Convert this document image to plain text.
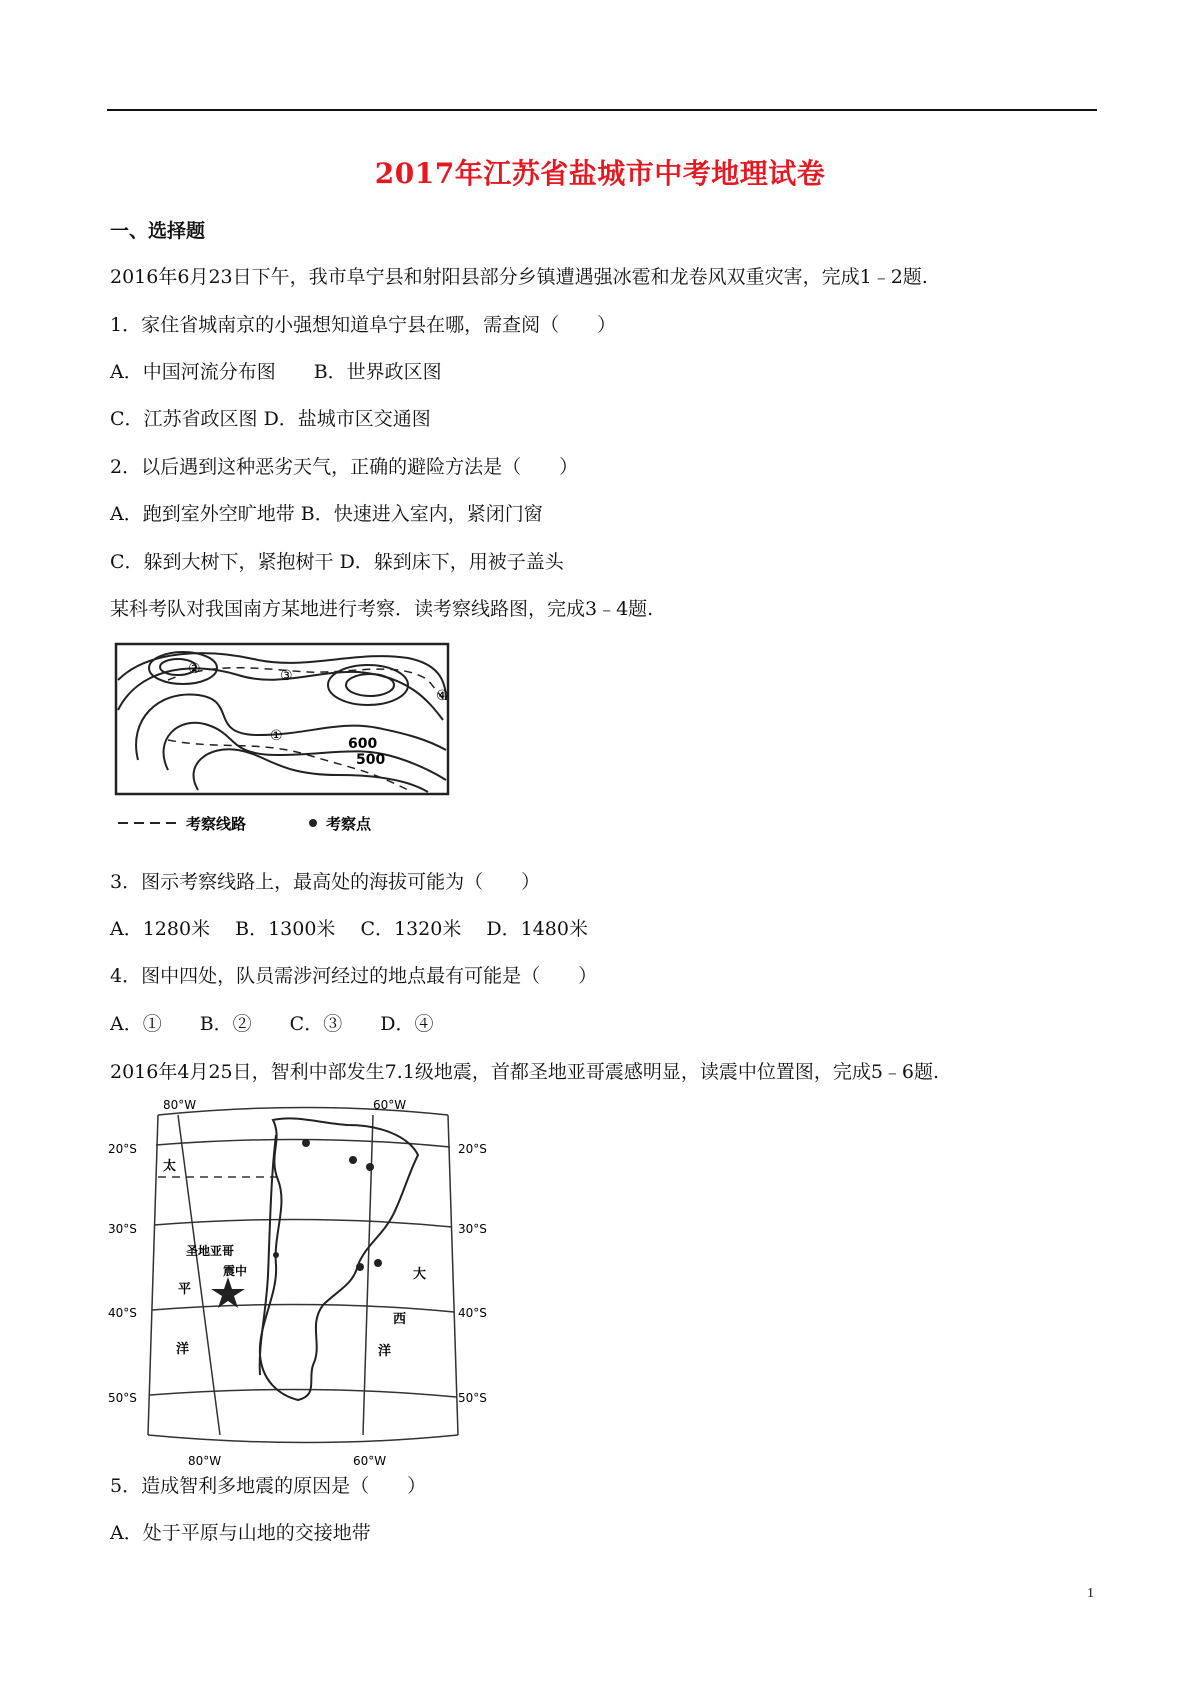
2017年江苏省盐城市中考地理试卷
一、选择题
2016年6月23日下午，我市阜宁县和射阳县部分乡镇遭遇强冰雹和龙卷风双重灾害，完成1﹣2题.
1．家住省城南京的小强想知道阜宁县在哪，需查阅（　　）
A．中国河流分布图　　B．世界政区图
C．江苏省政区图 D．盐城市区交通图
2．以后遇到这种恶劣天气，正确的避险方法是（　　）
A．跑到室外空旷地带 B．快速进入室内，紧闭门窗
C．躲到大树下，紧抱树干 D．躲到床下，用被子盖头
某科考队对我国南方某地进行考察．读考察线路图，完成3﹣4题.
③
④
②
①	600
500
考察线路	考察点
3．图示考察线路上，最高处的海拔可能为（　　）
A．1280米　 B．1300米　 C．1320米　 D．1480米
4．图中四处，队员需涉河经过的地点最有可能是（　　）
A．①　　B．②　　C．③　　D．④
2016年4月25日，智利中部发生7.1级地震，首都圣地亚哥震感明显，读震中位置图，完成5﹣6题.
80°W	60°W
80°W	60°W
20°S
30°S
40°S
50°S
20°S
30°S
40°S
50°S
圣地亚哥
震中
太
平
洋
大
西
洋
5．造成智利多地震的原因是（　　）
A．处于平原与山地的交接地带
1
